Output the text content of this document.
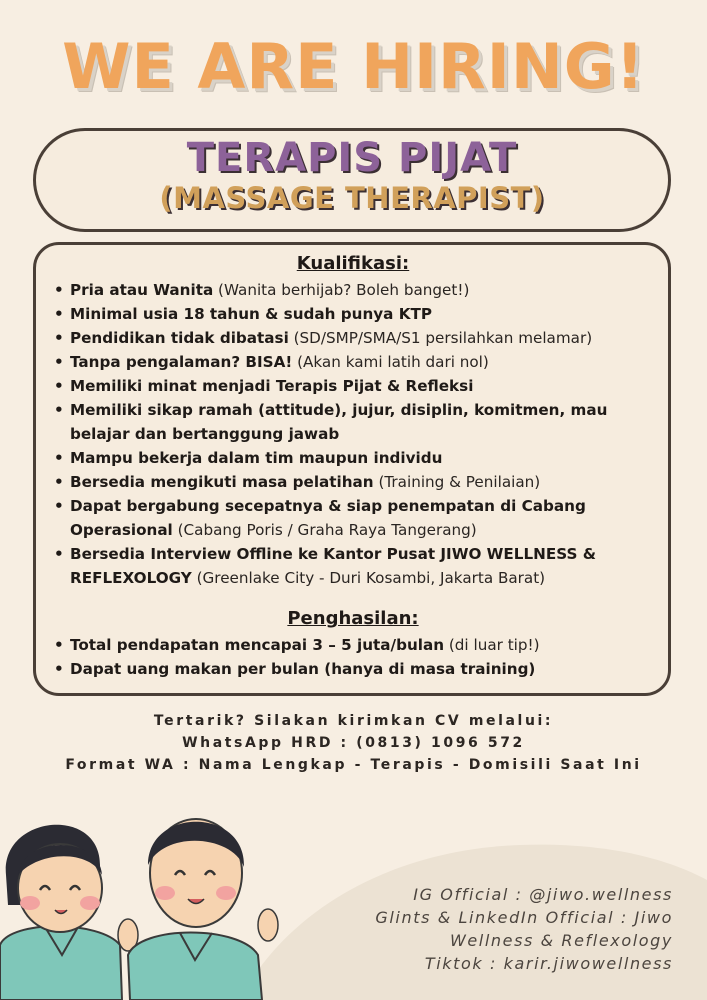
WE ARE HIRING!
TERAPIS PIJAT
(MASSAGE THERAPIST)
Kualifikasi:
• Pria atau Wanita (Wanita berhijab? Boleh banget!)
• Minimal usia 18 tahun & sudah punya KTP
• Pendidikan tidak dibatasi (SD/SMP/SMA/S1 persilahkan melamar)
• Tanpa pengalaman? BISA! (Akan kami latih dari nol)
• Memiliki minat menjadi Terapis Pijat & Refleksi
• Memiliki sikap ramah (attitude), jujur, disiplin, komitmen, mau belajar dan bertanggung jawab
• Mampu bekerja dalam tim maupun individu
• Bersedia mengikuti masa pelatihan (Training & Penilaian)
• Dapat bergabung secepatnya & siap penempatan di Cabang Operasional (Cabang Poris / Graha Raya Tangerang)
• Bersedia Interview Offline ke Kantor Pusat JIWO WELLNESS & REFLEXOLOGY (Greenlake City - Duri Kosambi, Jakarta Barat)
Penghasilan:
• Total pendapatan mencapai 3 – 5 juta/bulan (di luar tip!)
• Dapat uang makan per bulan (hanya di masa training)
Tertarik? Silakan kirimkan CV melalui:
WhatsApp HRD : (0813) 1096 572
Format WA : Nama Lengkap - Terapis - Domisili Saat Ini
IG Official : @jiwo.wellness
Glints & LinkedIn Official : Jiwo
Wellness & Reflexology
Tiktok : karir.jiwowellness
